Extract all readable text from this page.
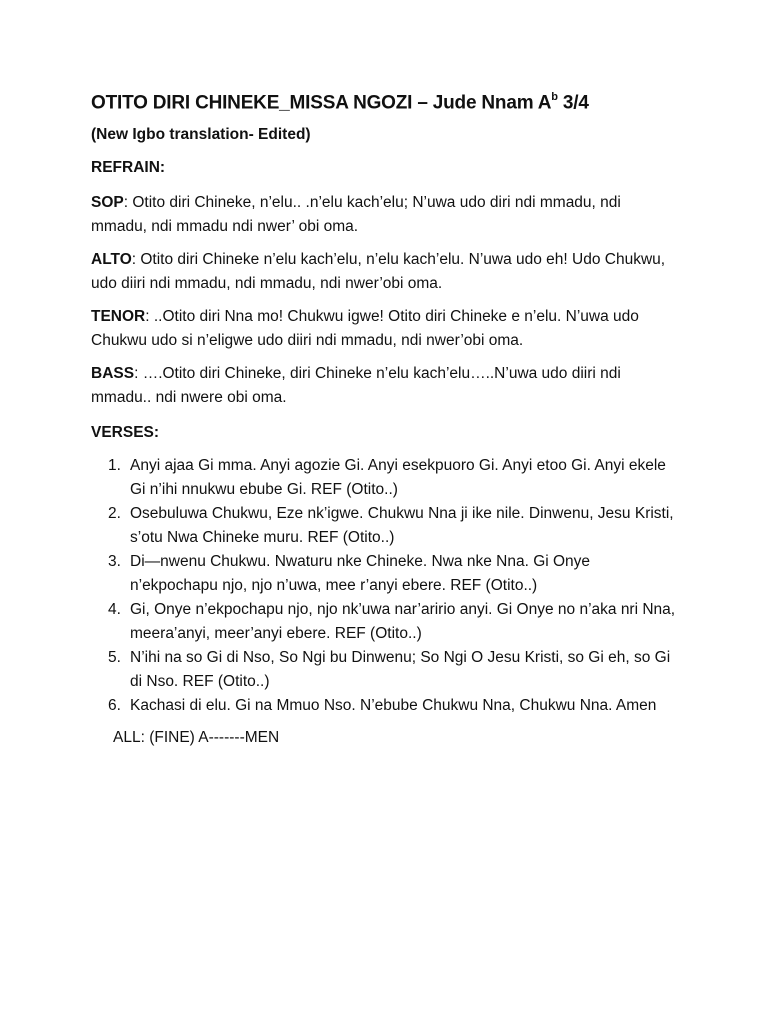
OTITO DIRI CHINEKE_MISSA NGOZI – Jude Nnam $A^b$ 3/4
(New Igbo translation- Edited)
REFRAIN:

SOP: Otito diri Chineke, n’elu.. .n’elu kach’elu; N’uwa udo diri ndi mmadu, ndi mmadu, ndi mmadu ndi nwer’ obi oma.

ALTO: Otito diri Chineke n’elu kach’elu, n’elu kach’elu. N’uwa udo eh! Udo Chukwu, udo diiri ndi mmadu, ndi mmadu, ndi nwer’obi oma.

TENOR: ..Otito diri Nna mo! Chukwu igwe! Otito diri Chineke e n’elu. N’uwa udo Chukwu udo si n’eligwe udo diiri ndi mmadu, ndi nwer’obi oma.

BASS: ….Otito diri Chineke, diri Chineke n’elu kach’elu…..N’uwa udo diiri ndi mmadu.. ndi nwere obi oma.

VERSES:
1. Anyi ajaa Gi mma. Anyi agozie Gi. Anyi esekpuoro Gi. Anyi etoo Gi. Anyi ekele Gi n’ihi nnukwu ebube Gi. REF (Otito..)
2. Osebuluwa Chukwu, Eze nk’igwe. Chukwu Nna ji ike nile. Dinwenu, Jesu Kristi, s’otu Nwa Chineke muru. REF (Otito..)
3. Di—nwenu Chukwu. Nwaturu nke Chineke. Nwa nke Nna. Gi Onye n’ekpochapu njo, njo n’uwa, mee r’anyi ebere. REF (Otito..)
4. Gi, Onye n’ekpochapu njo, njo nk’uwa nar’aririo anyi. Gi Onye no n’aka nri Nna, meera’anyi, meer’anyi ebere. REF (Otito..)
5. N’ihi na so Gi di Nso, So Ngi bu Dinwenu; So Ngi O Jesu Kristi, so Gi eh, so Gi di Nso. REF (Otito..)
6. Kachasi di elu. Gi na Mmuo Nso. N’ebube Chukwu Nna, Chukwu Nna. Amen
ALL: (FINE) A-------MEN
